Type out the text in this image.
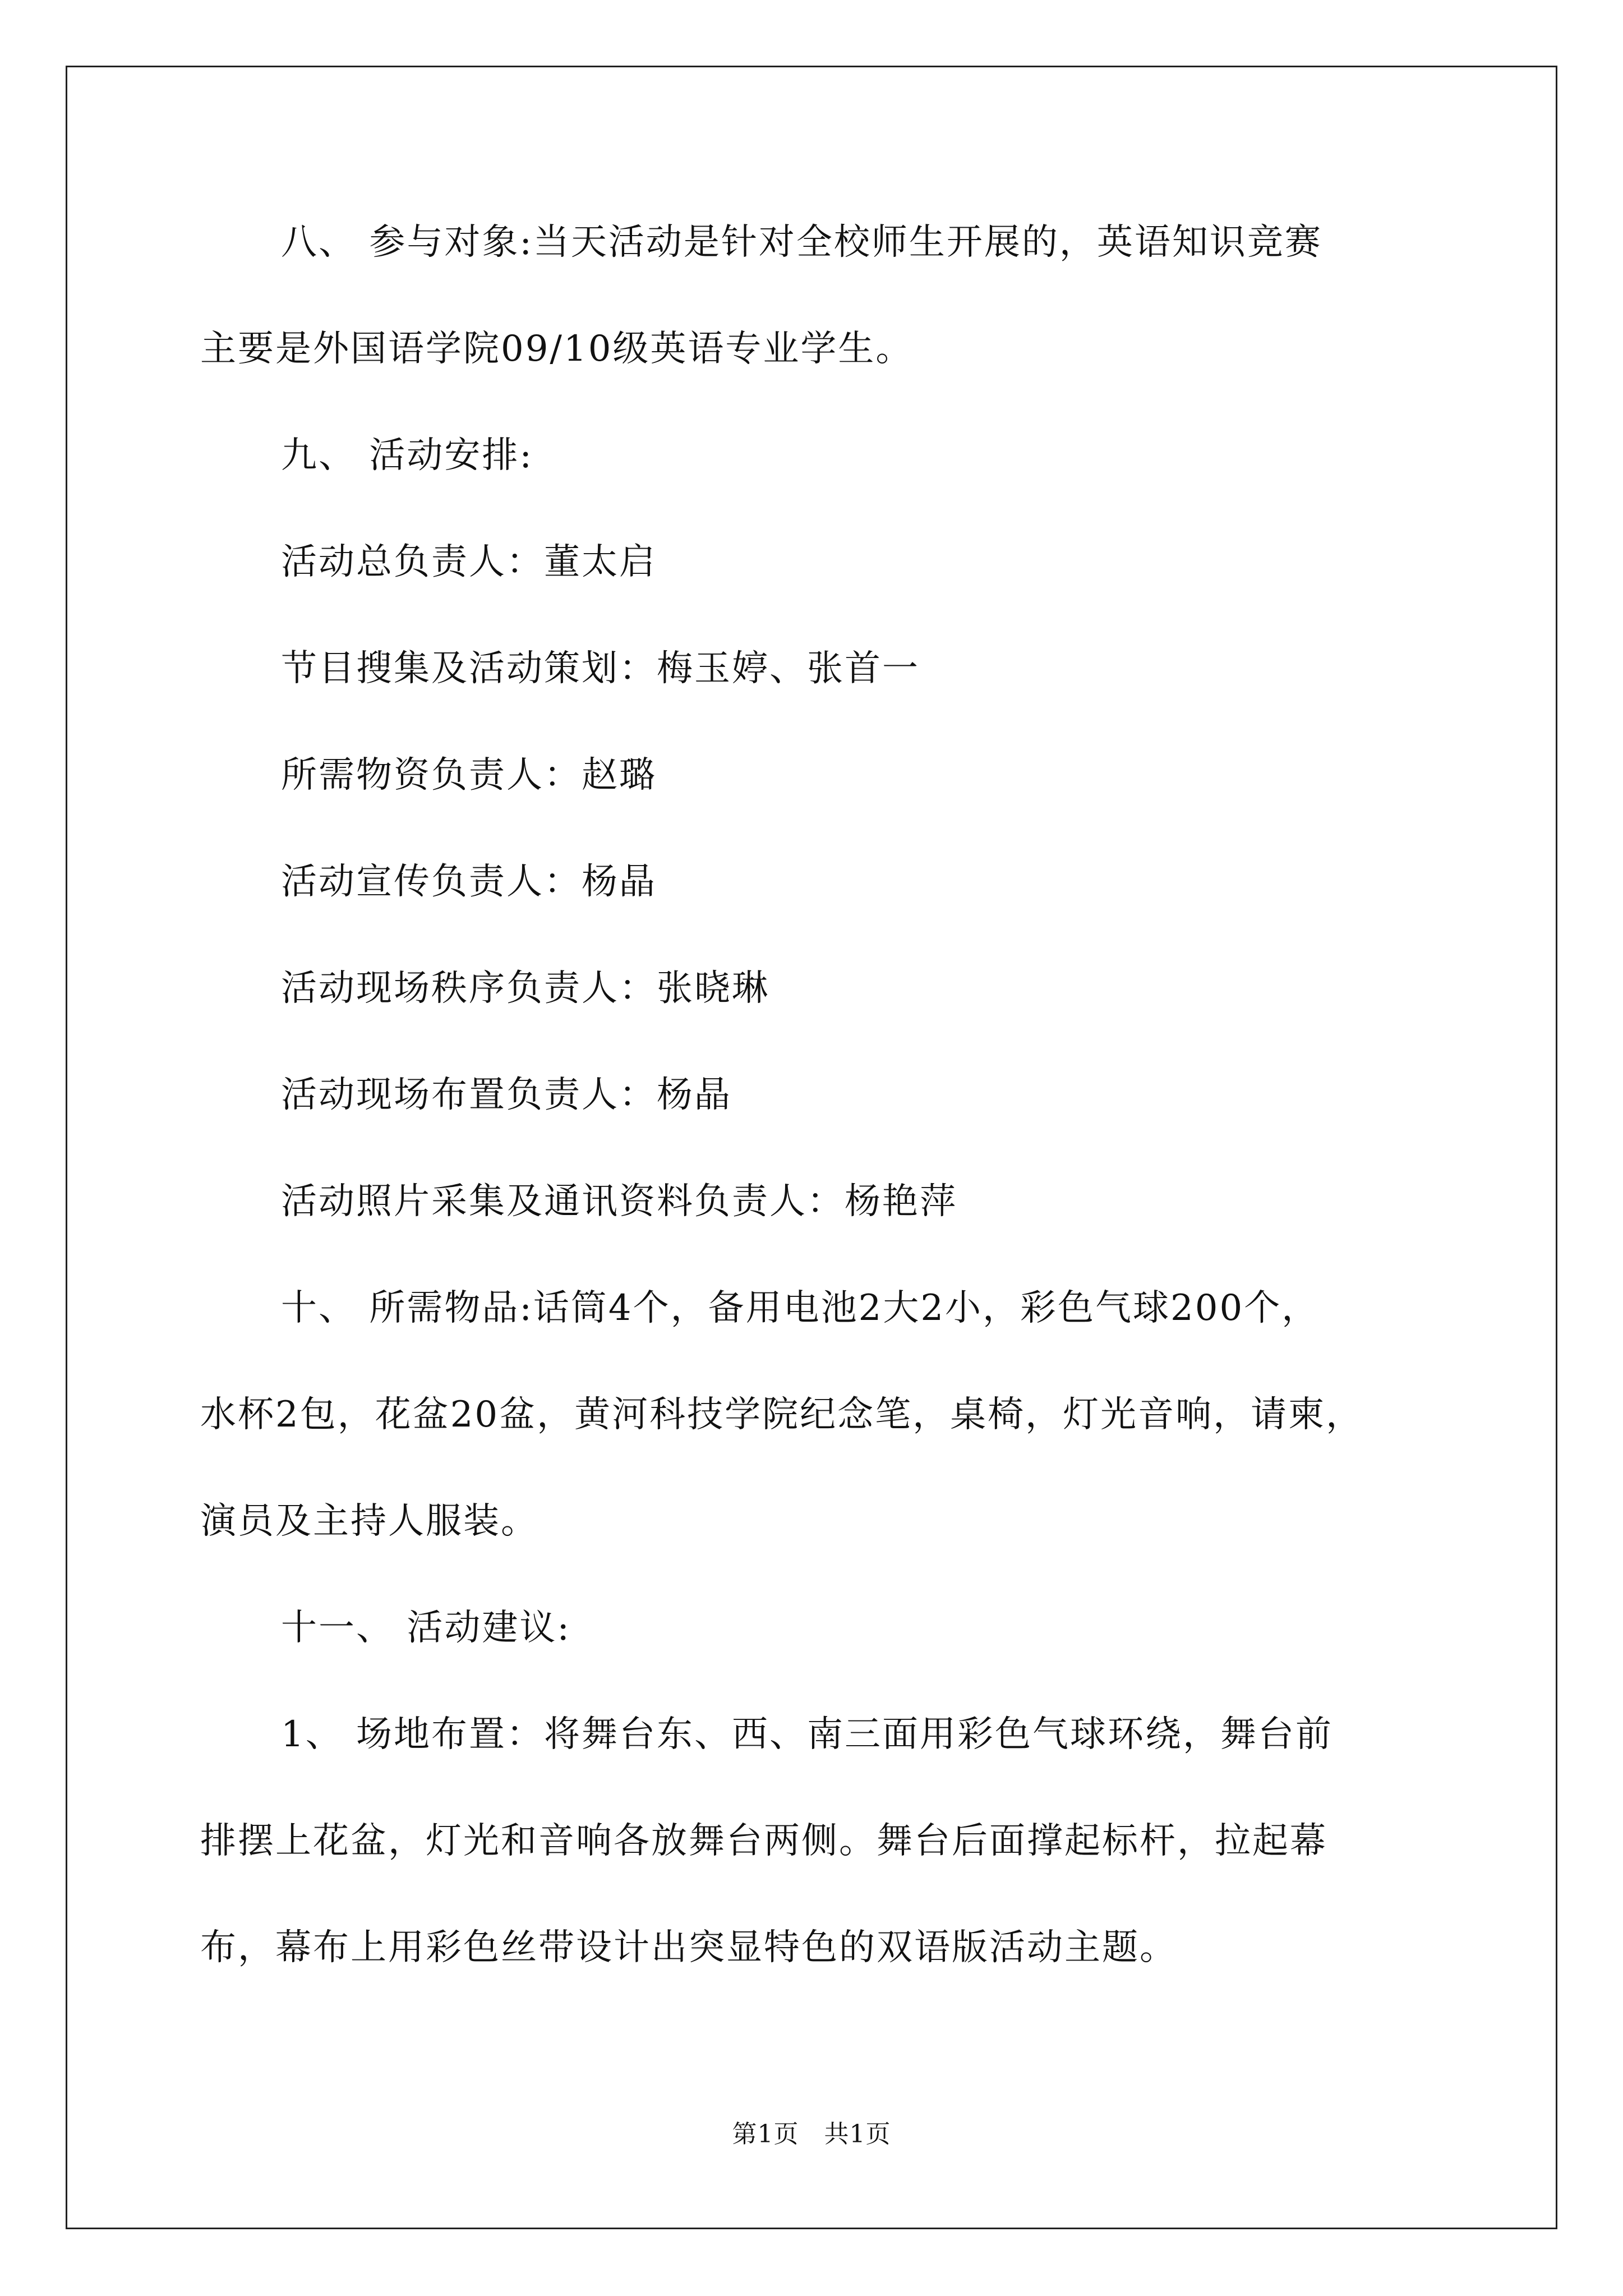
八、 参与对象:当天活动是针对全校师生开展的，英语知识竞赛

主要是外国语学院09/10级英语专业学生。

九、 活动安排:

活动总负责人：董太启

节目搜集及活动策划：梅玉婷、张首一

所需物资负责人：赵璐

活动宣传负责人：杨晶

活动现场秩序负责人：张晓琳

活动现场布置负责人：杨晶

活动照片采集及通讯资料负责人：杨艳萍

十、 所需物品:话筒4个，备用电池2大2小，彩色气球200个，

水杯2包，花盆20盆，黄河科技学院纪念笔，桌椅，灯光音响，请柬，

演员及主持人服装。

十一、 活动建议:

1、 场地布置：将舞台东、西、南三面用彩色气球环绕，舞台前

排摆上花盆，灯光和音响各放舞台两侧。舞台后面撑起标杆，拉起幕

布，幕布上用彩色丝带设计出突显特色的双语版活动主题。

第1页　共1页
